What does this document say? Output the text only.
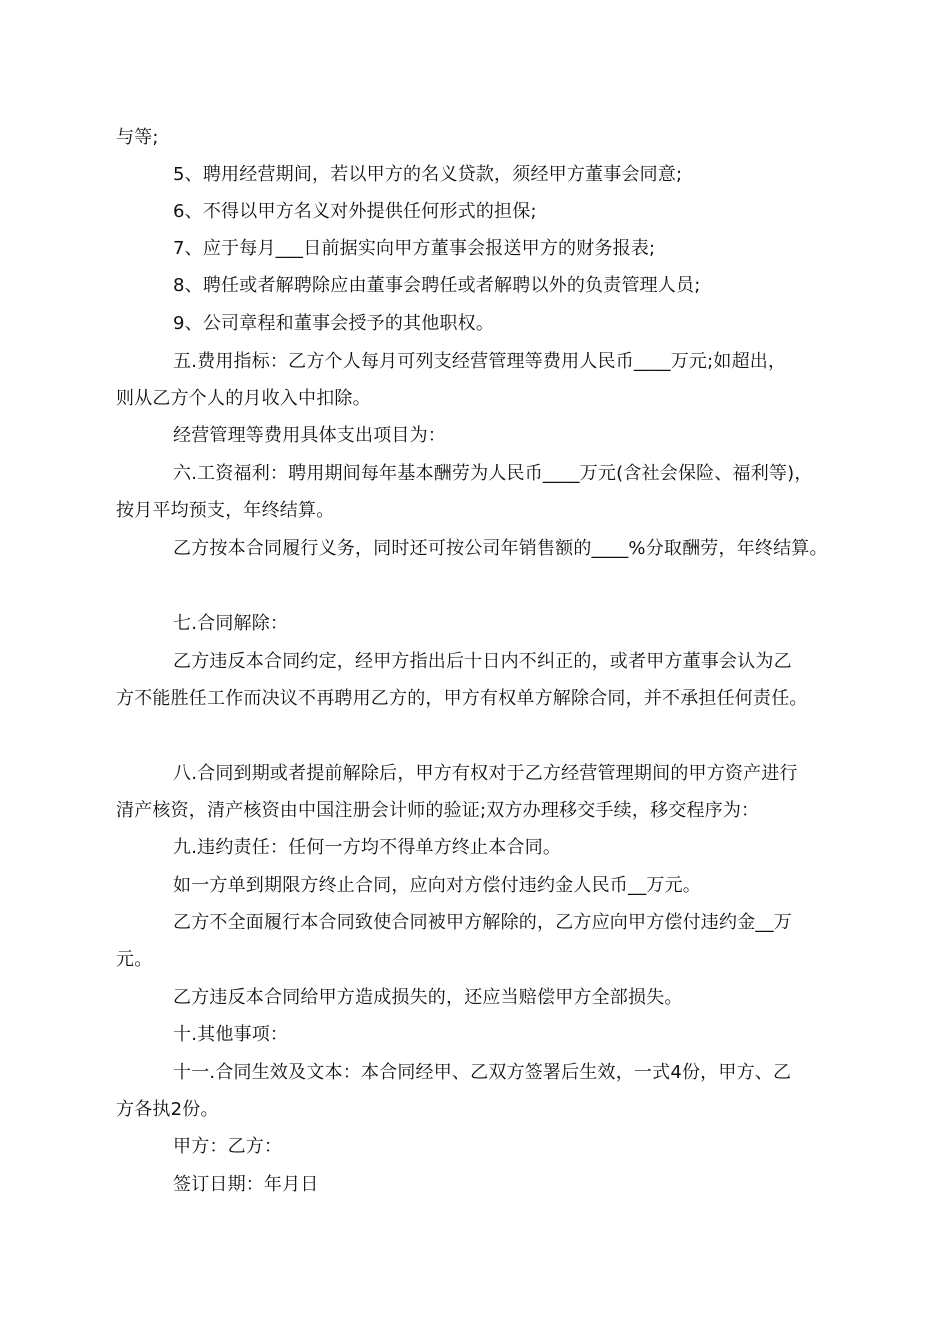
与等;
5、聘用经营期间，若以甲方的名义贷款，须经甲方董事会同意;
6、不得以甲方名义对外提供任何形式的担保;
7、应于每月___日前据实向甲方董事会报送甲方的财务报表;
8、聘任或者解聘除应由董事会聘任或者解聘以外的负责管理人员;
9、公司章程和董事会授予的其他职权。
五.费用指标：乙方个人每月可列支经营管理等费用人民币____万元;如超出，
则从乙方个人的月收入中扣除。
经营管理等费用具体支出项目为：
六.工资福利：聘用期间每年基本酬劳为人民币____万元(含社会保险、福利等)，
按月平均预支，年终结算。
乙方按本合同履行义务，同时还可按公司年销售额的____%分取酬劳，年终结算。
七.合同解除：
乙方违反本合同约定，经甲方指出后十日内不纠正的，或者甲方董事会认为乙
方不能胜任工作而决议不再聘用乙方的，甲方有权单方解除合同，并不承担任何责任。
八.合同到期或者提前解除后，甲方有权对于乙方经营管理期间的甲方资产进行
清产核资，清产核资由中国注册会计师的验证;双方办理移交手续，移交程序为：
九.违约责任：任何一方均不得单方终止本合同。
如一方单到期限方终止合同，应向对方偿付违约金人民币__万元。
乙方不全面履行本合同致使合同被甲方解除的，乙方应向甲方偿付违约金__万
元。
乙方违反本合同给甲方造成损失的，还应当赔偿甲方全部损失。
十.其他事项：
十一.合同生效及文本：本合同经甲、乙双方签署后生效，一式4份，甲方、乙
方各执2份。
甲方：乙方：
签订日期：年月日
